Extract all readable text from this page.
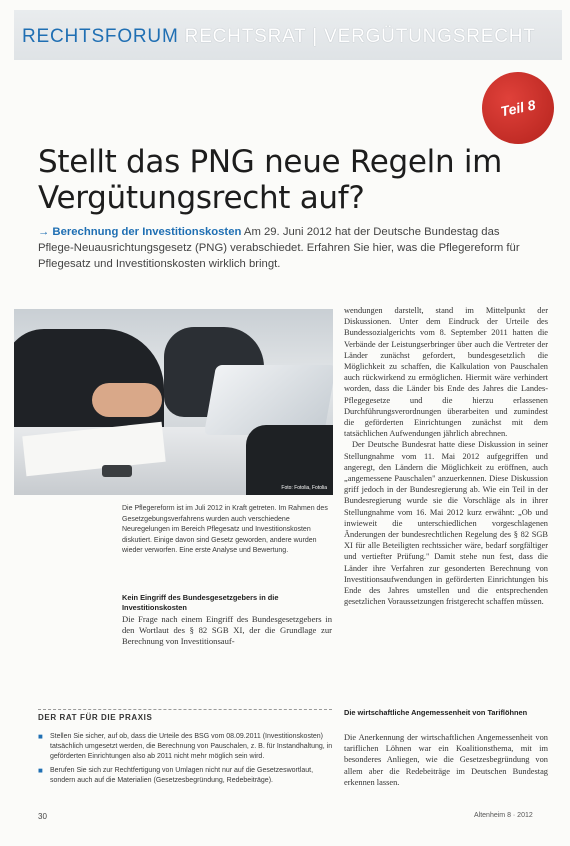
RECHTSFORUM RECHTSRAT | VERGÜTUNGSRECHT
Teil 8
Stellt das PNG neue Regeln im Vergütungsrecht auf?

→ Berechnung der Investitionskosten Am 29. Juni 2012 hat der Deutsche Bundestag das Pflege-Neuausrichtungsgesetz (PNG) verabschiedet. Erfahren Sie hier, was die Pflegereform für Pflegesatz und Investitionskosten wirklich bringt.

Foto: Fotolia, Fotolia

Die Pflegereform ist im Juli 2012 in Kraft getreten. Im Rahmen des Gesetzgebungsverfahrens wurden auch verschiedene Neuregelungen im Bereich Pflegesatz und Investitionskosten diskutiert. Einige davon sind Gesetz geworden, andere wurden wieder verworfen. Eine erste Analyse und Bewertung.

Kein Eingriff des Bundesgesetzgebers in die Investitionskosten

Die Frage nach einem Eingriff des Bundesgesetzgebers in den Wortlaut des § 82 SGB XI, der die Grundlage zur Berechnung von Investitionsauf-

DER RAT FÜR DIE PRAXIS
■ Stellen Sie sicher, auf ob, dass die Urteile des BSG vom 08.09.2011 (Investitionskosten) tatsächlich umgesetzt werden, die Berechnung von Pauschalen, z. B. für Instandhaltung, in geförderten Einrichtungen also ab 2011 nicht mehr möglich sein wird.
■ Berufen Sie sich zur Rechtfertigung von Umlagen nicht nur auf die Gesetzeswortlaut, sondern auch auf die Materialien (Gesetzesbegründung, Redebeiträge).

wendungen darstellt, stand im Mittelpunkt der Diskussionen. Unter dem Eindruck der Urteile des Bundessozialgerichts vom 8. September 2011 hatten die Verbände der Leistungserbringer über auch die Vertreter der Länder zunächst gefordert, bundesgesetzlich die Möglichkeit zu schaffen, die Kalkulation von Pauschalen auch rückwirkend zu ermöglichen. Hiermit wäre verhindert worden, dass die Länder bis Ende des Jahres die Landes-Pflegegesetze und die hierzu erlassenen Durchführungsverordnungen überarbeiten und zumindest die geförderten Einrichtungen zunächst mit dem tatsächlichen Aufwendungen jährlich abrechnen.

Der Deutsche Bundesrat hatte diese Diskussion in seiner Stellungnahme vom 11. Mai 2012 aufgegriffen und angeregt, den Ländern die Möglichkeit zu eröffnen, auch „angemessene Pauschalen" anzuerkennen. Diese Diskussion griff jedoch in der Bundesregierung ab. Wie ein Teil in der Bundesregierung wurde sie die Vorschläge als in ihrer Stellungnahme vom 16. Mai 2012 kurz erwähnt: „Ob und inwieweit die unterschiedlichen vorgeschlagenen Änderungen der bundesrechtlichen Regelung des § 82 SGB XI für alle Beteiligten rechtssicher wäre, bedarf sorgfältiger und vertiefter Prüfung." Damit stehe nun fest, dass die Länder ihre Verfahren zur gesonderten Berechnung von Investitionsaufwendungen in geförderten Einrichtungen bis Ende des Jahres umstellen und die entsprechenden gesetzlichen Voraussetzungen fristgerecht schaffen müssen.

Die wirtschaftliche Angemessenheit von Tariflöhnen

Die Anerkennung der wirtschaftlichen Angemessenheit von tariflichen Löhnen war ein Koalitionsthema, mit im besonderes Anliegen, wie die Gesetzesbegründung von allem aber die Redebeiträge im Deutschen Bundestag erkennen lassen.

30	Altenheim 8 · 2012
